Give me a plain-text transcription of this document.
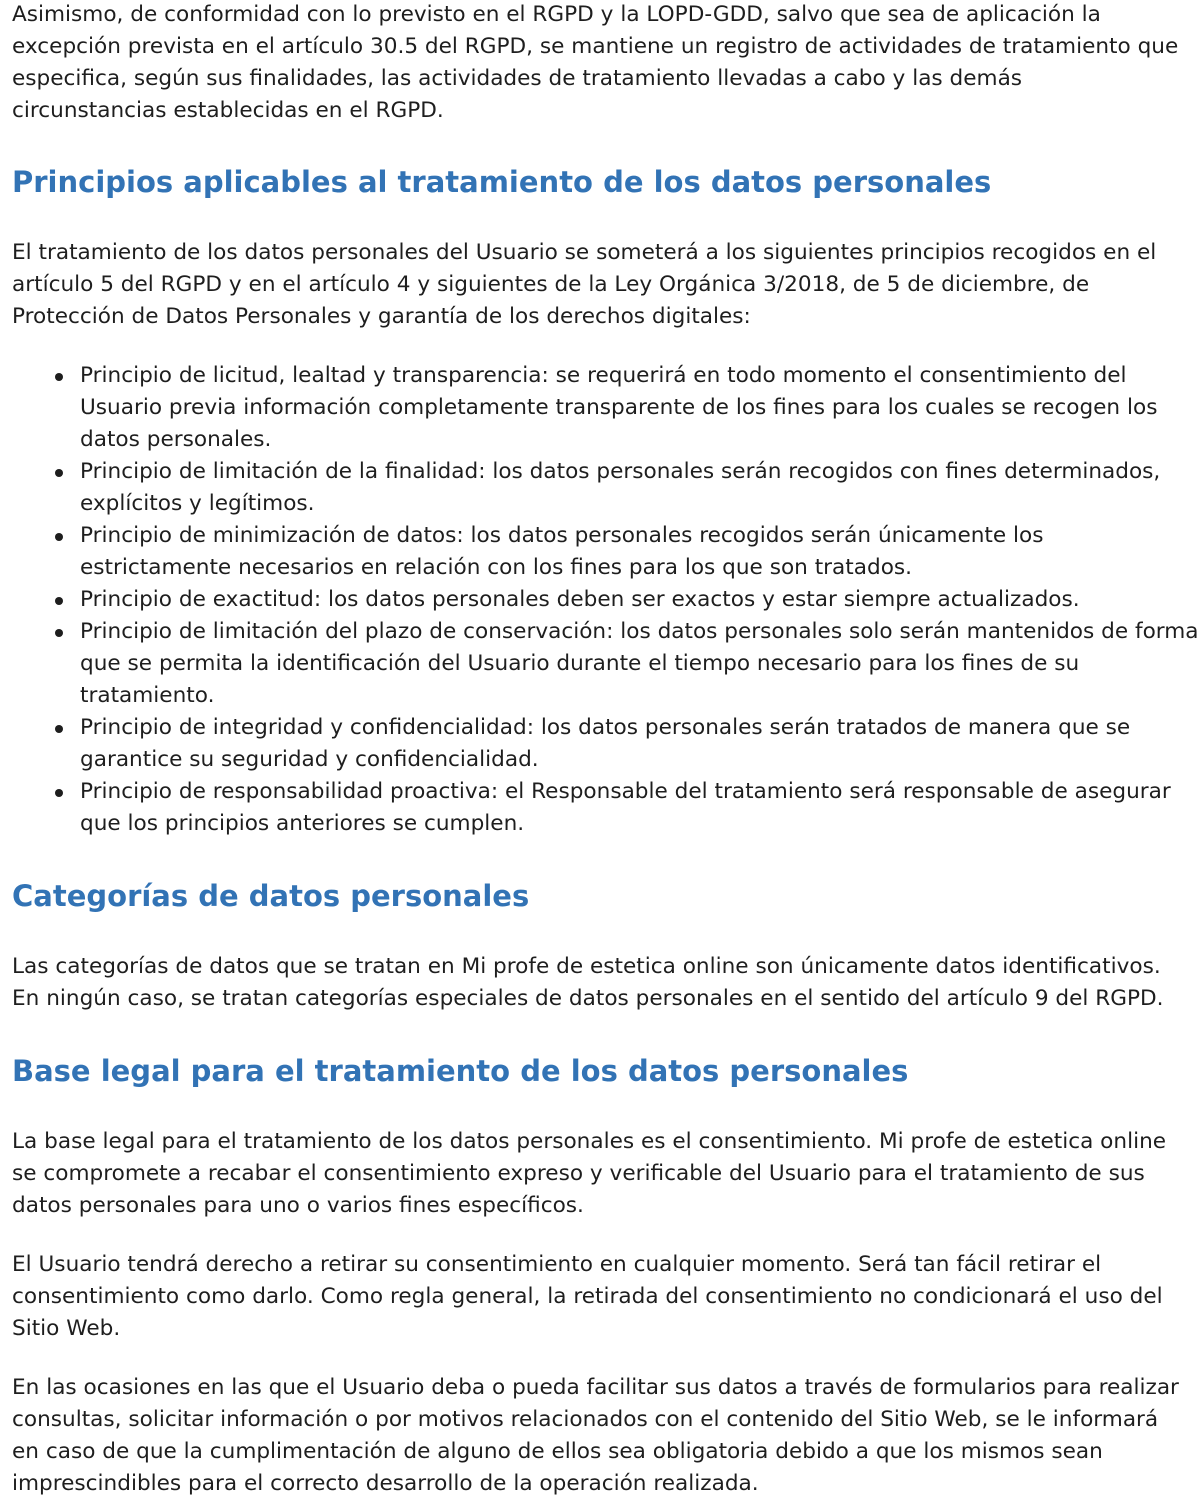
Asimismo, de conformidad con lo previsto en el RGPD y la LOPD-GDD, salvo que sea de aplicación la excepción prevista en el artículo 30.5 del RGPD, se mantiene un registro de actividades de tratamiento que especifica, según sus finalidades, las actividades de tratamiento llevadas a cabo y las demás circunstancias establecidas en el RGPD.

Principios aplicables al tratamiento de los datos personales

El tratamiento de los datos personales del Usuario se someterá a los siguientes principios recogidos en el artículo 5 del RGPD y en el artículo 4 y siguientes de la Ley Orgánica 3/2018, de 5 de diciembre, de Protección de Datos Personales y garantía de los derechos digitales:

Principio de licitud, lealtad y transparencia: se requerirá en todo momento el consentimiento del Usuario previa información completamente transparente de los fines para los cuales se recogen los datos personales.
Principio de limitación de la finalidad: los datos personales serán recogidos con fines determinados, explícitos y legítimos.
Principio de minimización de datos: los datos personales recogidos serán únicamente los estrictamente necesarios en relación con los fines para los que son tratados.
Principio de exactitud: los datos personales deben ser exactos y estar siempre actualizados.
Principio de limitación del plazo de conservación: los datos personales solo serán mantenidos de forma que se permita la identificación del Usuario durante el tiempo necesario para los fines de su tratamiento.
Principio de integridad y confidencialidad: los datos personales serán tratados de manera que se garantice su seguridad y confidencialidad.
Principio de responsabilidad proactiva: el Responsable del tratamiento será responsable de asegurar que los principios anteriores se cumplen.
Categorías de datos personales

Las categorías de datos que se tratan en Mi profe de estetica online son únicamente datos identificativos. En ningún caso, se tratan categorías especiales de datos personales en el sentido del artículo 9 del RGPD.

Base legal para el tratamiento de los datos personales

La base legal para el tratamiento de los datos personales es el consentimiento. Mi profe de estetica online se compromete a recabar el consentimiento expreso y verificable del Usuario para el tratamiento de sus datos personales para uno o varios fines específicos.

El Usuario tendrá derecho a retirar su consentimiento en cualquier momento. Será tan fácil retirar el consentimiento como darlo. Como regla general, la retirada del consentimiento no condicionará el uso del Sitio Web.

En las ocasiones en las que el Usuario deba o pueda facilitar sus datos a través de formularios para realizar consultas, solicitar información o por motivos relacionados con el contenido del Sitio Web, se le informará en caso de que la cumplimentación de alguno de ellos sea obligatoria debido a que los mismos sean imprescindibles para el correcto desarrollo de la operación realizada.
